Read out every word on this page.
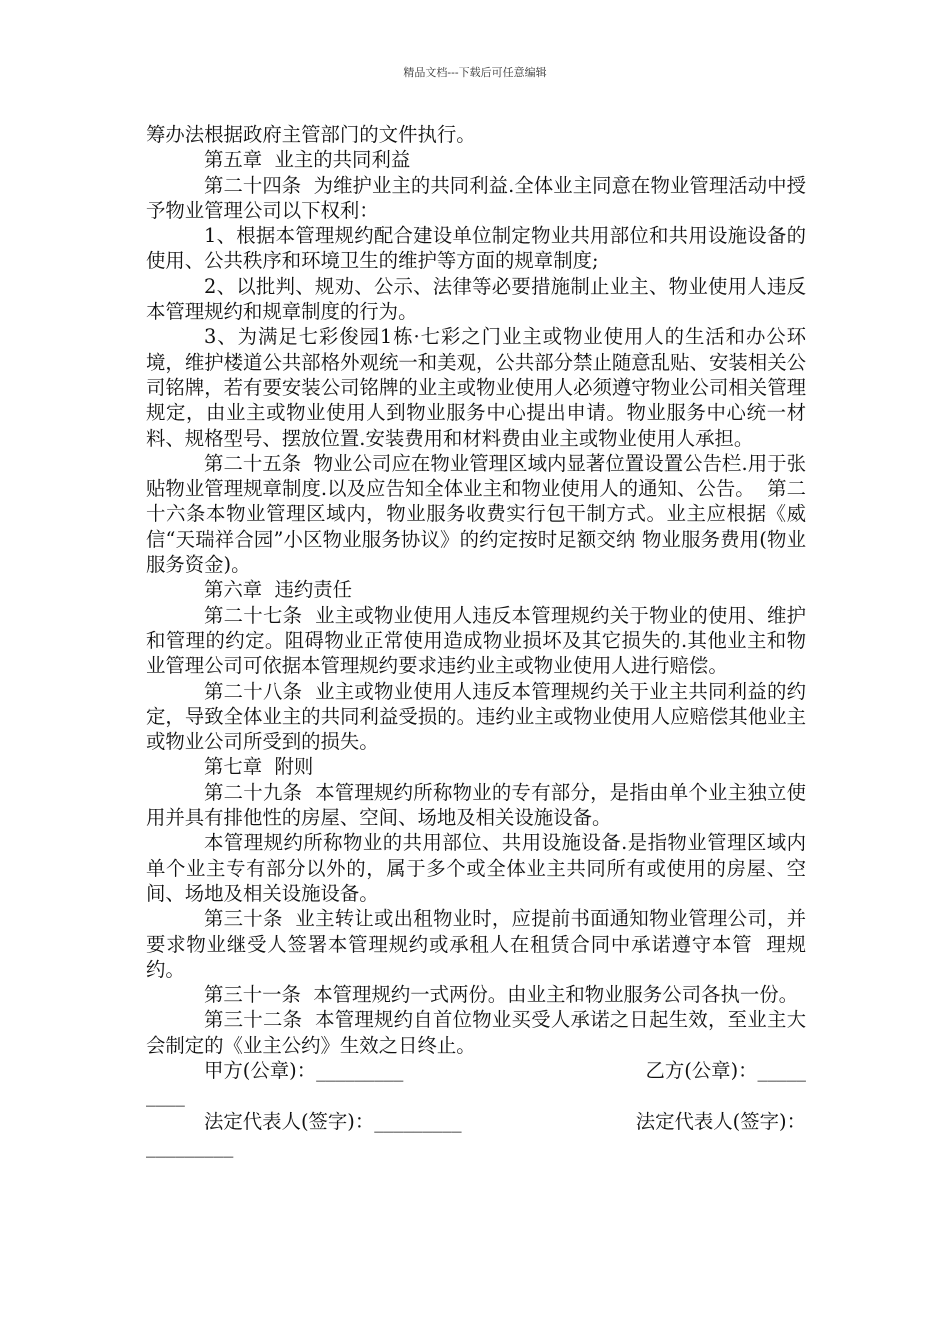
精品文档---下载后可任意编辑

筹办法根据政府主管部门的文件执行。

第五章  业主的共同利益

第二十四条  为维护业主的共同利益.全体业主同意在物业管理活动中授予物业管理公司以下权利：

1、根据本管理规约配合建设单位制定物业共用部位和共用设施设备的使用、公共秩序和环境卫生的维护等方面的规章制度;

2、以批判、规劝、公示、法律等必要措施制止业主、物业使用人违反本管理规约和规章制度的行为。

3、为满足七彩俊园1栋·七彩之门业主或物业使用人的生活和办公环境，维护楼道公共部格外观统一和美观，公共部分禁止随意乱贴、安装相关公司铭牌，若有要安装公司铭牌的业主或物业使用人必须遵守物业公司相关管理规定，由业主或物业使用人到物业服务中心提出申请。物业服务中心统一材料、规格型号、摆放位置.安装费用和材料费由业主或物业使用人承担。

第二十五条  物业公司应在物业管理区域内显著位置设置公告栏.用于张贴物业管理规章制度.以及应告知全体业主和物业使用人的通知、公告。  第二十六条本物业管理区域内，物业服务收费实行包干制方式。业主应根据《威信“天瑞祥合园”小区物业服务协议》的约定按时足额交纳 物业服务费用(物业服务资金)。

第六章  违约责任

第二十七条  业主或物业使用人违反本管理规约关于物业的使用、维护和管理的约定。阻碍物业正常使用造成物业损坏及其它损失的.其他业主和物业管理公司可依据本管理规约要求违约业主或物业使用人进行赔偿。

第二十八条  业主或物业使用人违反本管理规约关于业主共同利益的约定，导致全体业主的共同利益受损的。违约业主或物业使用人应赔偿其他业主或物业公司所受到的损失。

第七章  附则

第二十九条  本管理规约所称物业的专有部分，是指由单个业主独立使用并具有排他性的房屋、空间、场地及相关设施设备。

本管理规约所称物业的共用部位、共用设施设备.是指物业管理区域内单个业主专有部分以外的，属于多个或全体业主共同所有或使用的房屋、空间、场地及相关设施设备。

第三十条  业主转让或出租物业时，应提前书面通知物业管理公司，并要求物业继受人签署本管理规约或承租人在租赁合同中承诺遵守本管  理规约。

第三十一条  本管理规约一式两份。由业主和物业服务公司各执一份。

第三十二条  本管理规约自首位物业买受人承诺之日起生效，至业主大会制定的《业主公约》生效之日终止。

甲方(公章)：_________

	乙方(公章)：_____

____

法定代表人(签字)：_________

	法定代表人(签字)：

_________
